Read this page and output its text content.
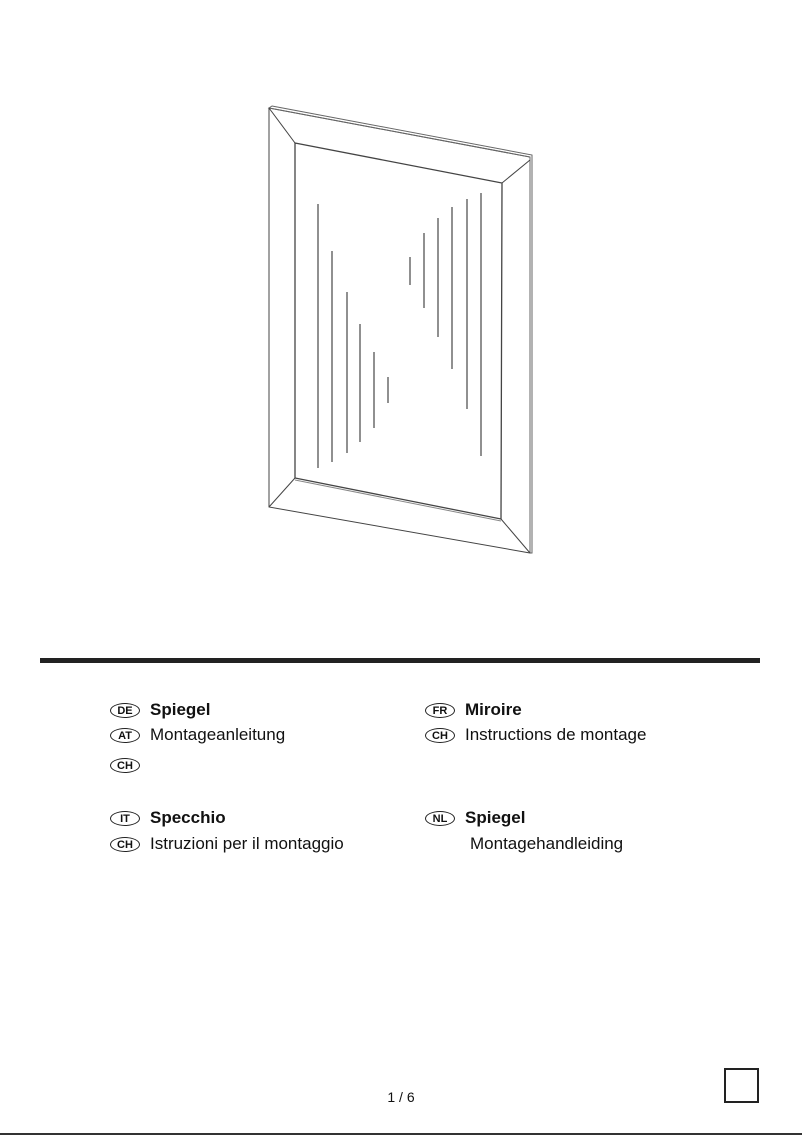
DE	Spiegel
AT	Montageanleitung
CH
FR	Miroire
CH	Instructions de montage
IT	Specchio
CH	Istruzioni per il montaggio
NL	Spiegel
Montagehandleiding
1 / 6
